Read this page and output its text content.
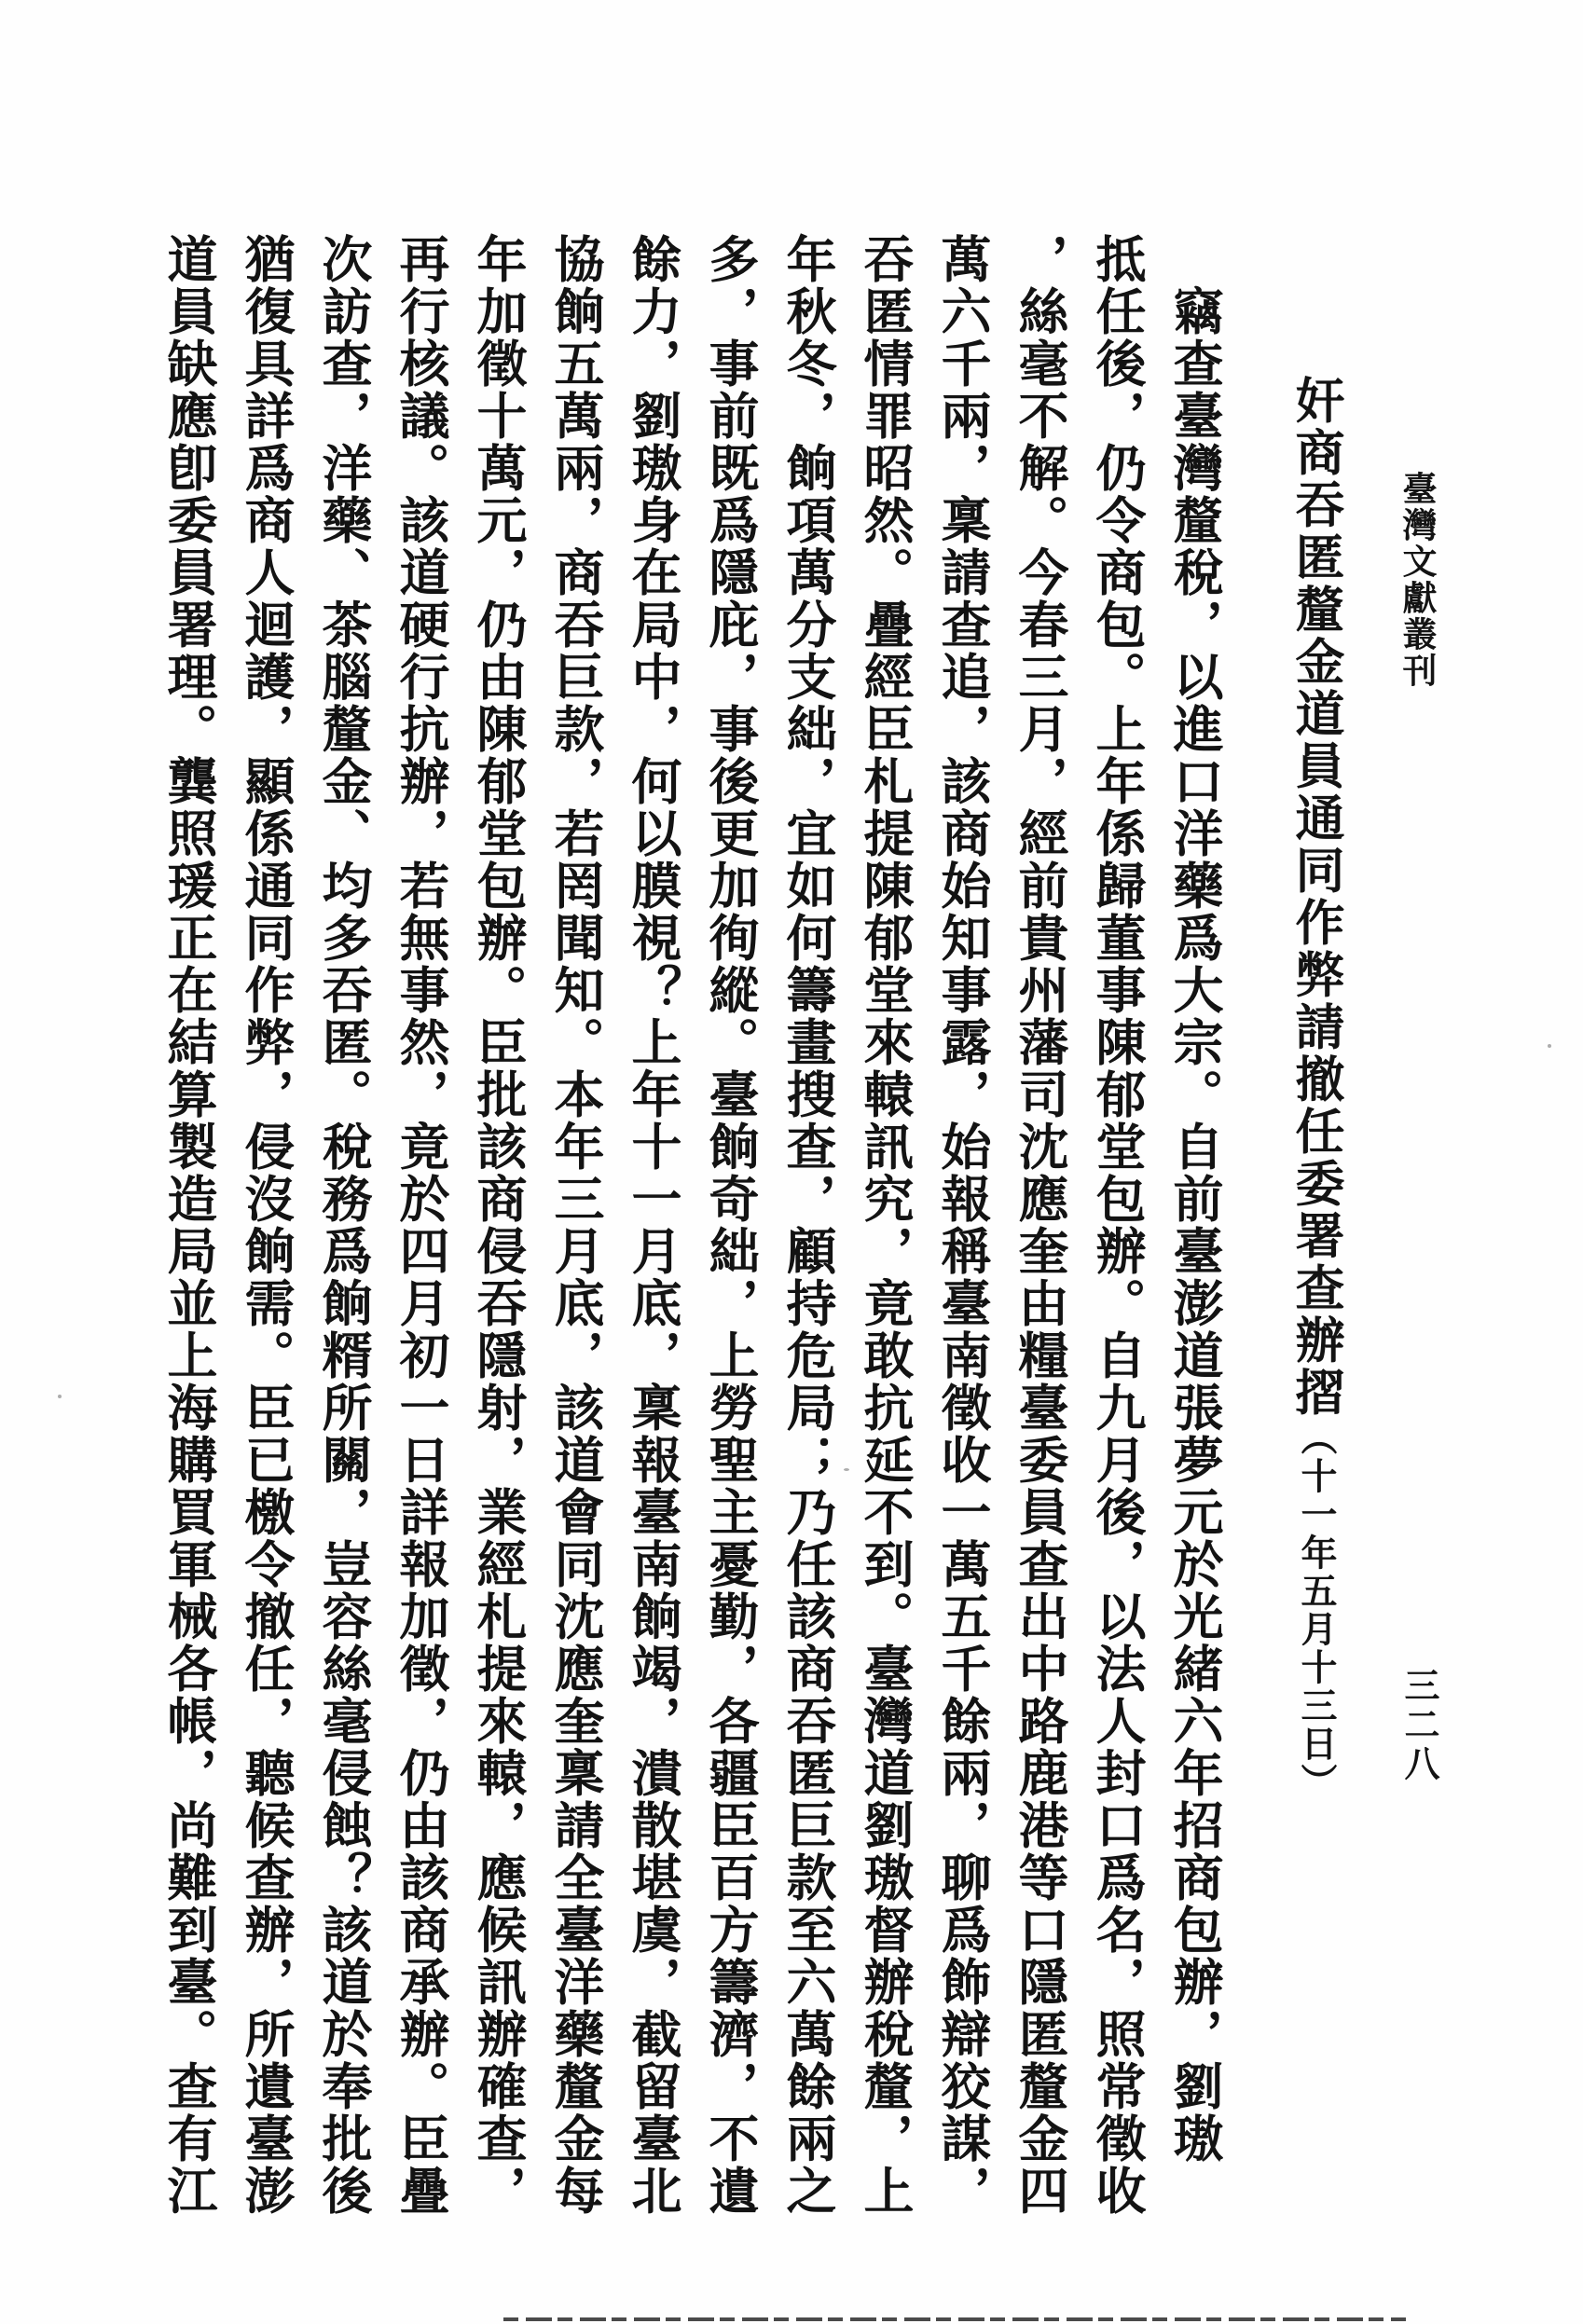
臺灣文獻叢刊
三二八
奸商吞匿釐金道員通同作弊請撤任委署查辦摺（十一年五月十三日）
竊查臺灣釐稅，以進口洋藥爲大宗。自前臺澎道張夢元於光緒六年招商包辦，劉璈
抵任後，仍令商包。上年係歸董事陳郁堂包辦。自九月後，以法人封口爲名，照常徵收
，絲毫不解。今春三月，經前貴州藩司沈應奎由糧臺委員查出中路鹿港等口隱匿釐金四
萬六千兩，稟請查追，該商始知事露，始報稱臺南徵收一萬五千餘兩，聊爲飾辯狡謀，
吞匿情罪昭然。疊經臣札提陳郁堂來轅訊究，竟敢抗延不到。臺灣道劉璈督辦稅釐，上
年秋冬，餉項萬分支絀，宜如何籌畫搜查，顧持危局；乃任該商吞匿巨款至六萬餘兩之
多，事前既爲隱庇，事後更加徇縱。臺餉奇絀，上勞聖主憂勤，各疆臣百方籌濟，不遺
餘力，劉璈身在局中，何以膜視？上年十一月底，稟報臺南餉竭，潰散堪虞，截留臺北
協餉五萬兩，商吞巨款，若罔聞知。本年三月底，該道會同沈應奎稟請全臺洋藥釐金每
年加徵十萬元，仍由陳郁堂包辦。臣批該商侵吞隱射，業經札提來轅，應候訊辦確查，
再行核議。該道硬行抗辦，若無事然，竟於四月初一日詳報加徵，仍由該商承辦。臣疊
次訪查，洋藥、茶腦釐金、均多吞匿。稅務爲餉糈所關，豈容絲毫侵蝕？該道於奉批後
猶復具詳爲商人迴護，顯係通同作弊，侵沒餉需。臣已檄令撤任，聽候查辦，所遺臺澎
道員缺應卽委員署理。龔照瑗正在結算製造局並上海購買軍械各帳，尚難到臺。查有江
